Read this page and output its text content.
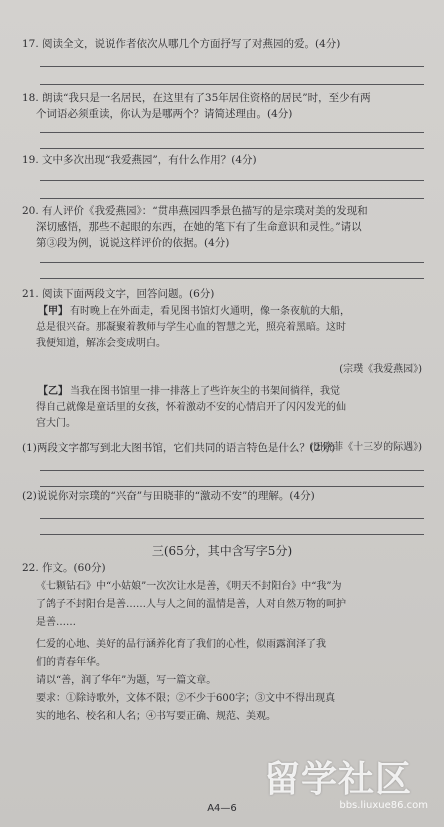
17. 阅读全文，说说作者依次从哪几个方面抒写了对燕园的爱。(4分)
18. 朗读“我只是一名居民，在这里有了35年居住资格的居民”时，至少有两
个词语必须重读，你认为是哪两个？请简述理由。(4分)
19. 文中多次出现“我爱燕园”，有什么作用？(4分)
20. 有人评价《我爱燕园》：“贯串燕园四季景色描写的是宗璞对美的发现和
深切感悟，那些不起眼的东西，在她的笔下有了生命意识和灵性。”请以
第③段为例，说说这样评价的依据。(4分)
21. 阅读下面两段文字，回答问题。(6分)
【甲】 有时晚上在外面走，看见图书馆灯火通明，像一条夜航的大船，
总是很兴奋。那凝聚着教师与学生心血的智慧之光，照亮着黑暗。这时
我便知道，解冻会变成明白。
(宗璞《我爱燕园》)
【乙】 当我在图书馆里一排一排落上了些许灰尘的书架间徜徉，我觉
得自己就像是童话里的女孩，怀着激动不安的心情启开了闪闪发光的仙
宫大门。
(田晓菲《十三岁的际遇》)
(1)两段文字都写到北大图书馆，它们共同的语言特色是什么？(2分)
(2)说说你对宗璞的“兴奋”与田晓菲的“激动不安”的理解。(4分)
三(65分，其中含写字5分)
22. 作文。(60分)
《七颗钻石》中“小姑娘”一次次让水是善，《明天不封阳台》中“我”为
了鸽子不封阳台是善……人与人之间的温情是善，人对自然万物的呵护
是善……
仁爱的心地、美好的品行涵养化育了我们的心性，似雨露润泽了我
们的青春年华。
请以“善，润了华年”为题，写一篇文章。
要求：①除诗歌外，文体不限；②不少于600字；③文中不得出现真
实的地名、校名和人名；④书写要正确、规范、美观。
A4—6
留学社区
bbs.liuxue86.com
